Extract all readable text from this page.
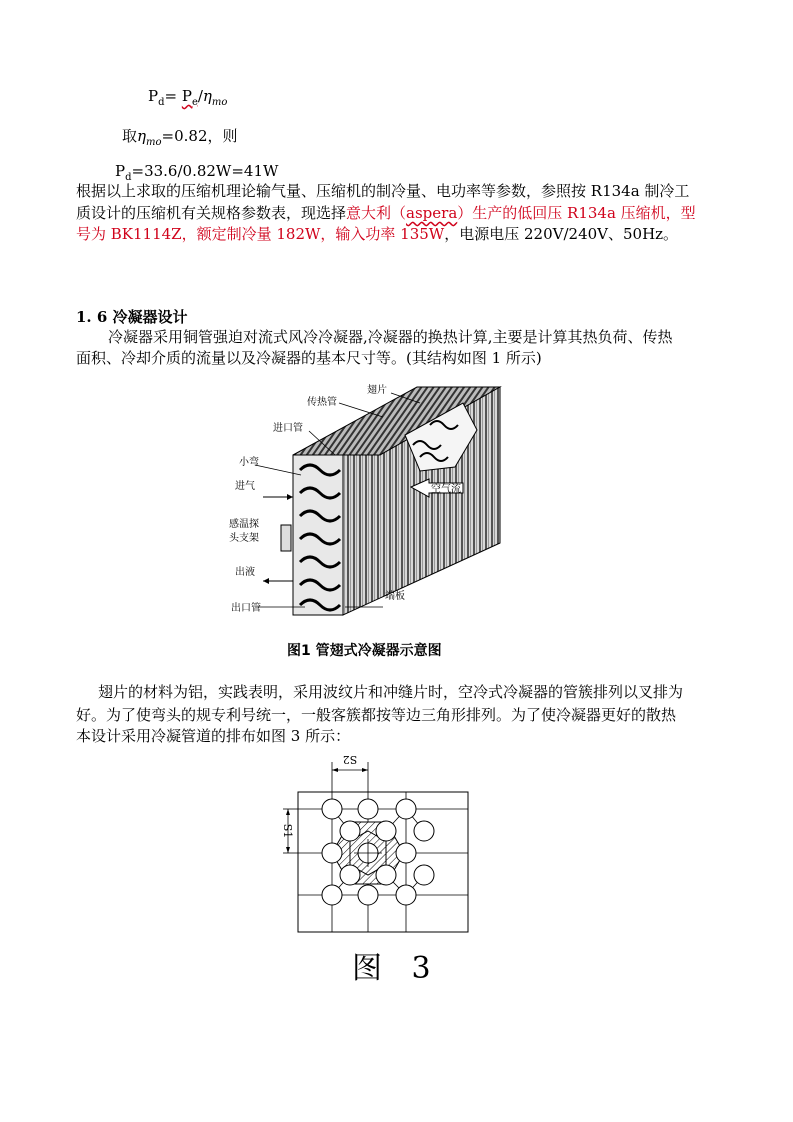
$P_d= P_e/\eta_{mo}$
取$\eta_{mo}=0.82$，则
$P_d=33.6/0.82W=41W$
根据以上求取的压缩机理论输气量、压缩机的制冷量、电功率等参数，参照按 R134a 制冷工
质设计的压缩机有关规格参数表，现选择意大利（aspera）生产的低回压 R134a 压缩机，型
号为 BK1114Z，额定制冷量 182W，输入功率 135W，电源电压 220V/240V、50Hz。
1. 6 冷凝器设计
冷凝器采用铜管强迫对流式风冷冷凝器,冷凝器的换热计算,主要是计算其热负荷、传热
面积、冷却介质的流量以及冷凝器的基本尺寸等。(其结构如图 1 所示)
空气流
翅片
传热管
进口管
小弯
进气
感温探
头支架
出液
出口管
端板
图1 管翅式冷凝器示意图
翅片的材料为铝，实践表明，采用波纹片和冲缝片时，空冷式冷凝器的管簇排列以叉排为
好。为了使弯头的规专利号统一，一般客簇都按等边三角形排列。为了使冷凝器更好的散热
本设计采用冷凝管道的排布如图 3 所示：
S2
S1
图 3
